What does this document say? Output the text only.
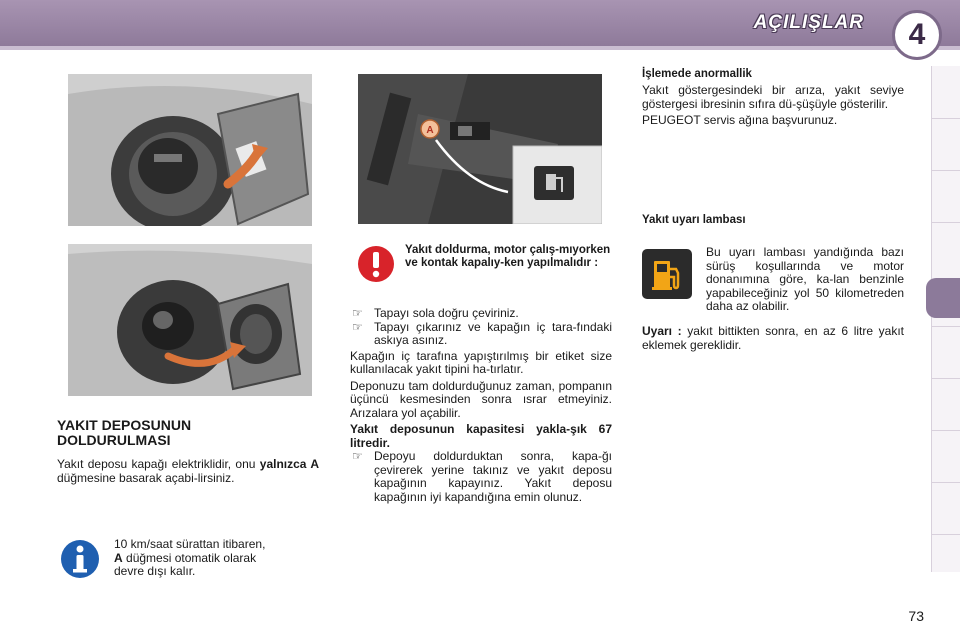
AÇILIŞLAR	4
YAKIT DEPOSUNUN
DOLDURULMASI
Yakıt deposu kapağı elektriklidir, onu yalnızca A düğmesine basarak açabi-lirsiniz.
10 km/saat sürattan itibaren,
A düğmesi otomatik olarak
devre dışı kalır.
A
Yakıt doldurma, motor çalış-mıyorken ve kontak kapalıy-ken yapılmalıdır :
☞ Tapayı sola doğru çeviriniz.
☞ Tapayı çıkarınız ve kapağın iç tara-fındaki askıya asınız.
Kapağın iç tarafına yapıştırılmış bir etiket size kullanılacak yakıt tipini ha-tırlatır.
Deponuzu tam doldurduğunuz zaman, pompanın üçüncü kesmesinden sonra ısrar etmeyiniz. Arızalara yol açabilir.
Yakıt deposunun kapasitesi yakla-şık 67 litredir.
☞ Depoyu doldurduktan sonra, kapa-ğı çevirerek yerine takınız ve yakıt deposu kapağının kapayınız. Yakıt deposu kapağının iyi kapandığına emin olunuz.
İşlemede anormallik
Yakıt göstergesindeki bir arıza, yakıt seviye göstergesi ibresinin sıfıra dü-şüşüyle gösterilir.
PEUGEOT servis ağına başvurunuz.
Yakıt uyarı lambası
Bu uyarı lambası yandığında bazı sürüş koşullarında ve motor donanımına göre, ka-lan benzinle yapabileceğiniz yol 50 kilometreden daha az olabilir.
Uyarı : yakıt bittikten sonra, en az 6 litre yakıt eklemek gereklidir.
73
